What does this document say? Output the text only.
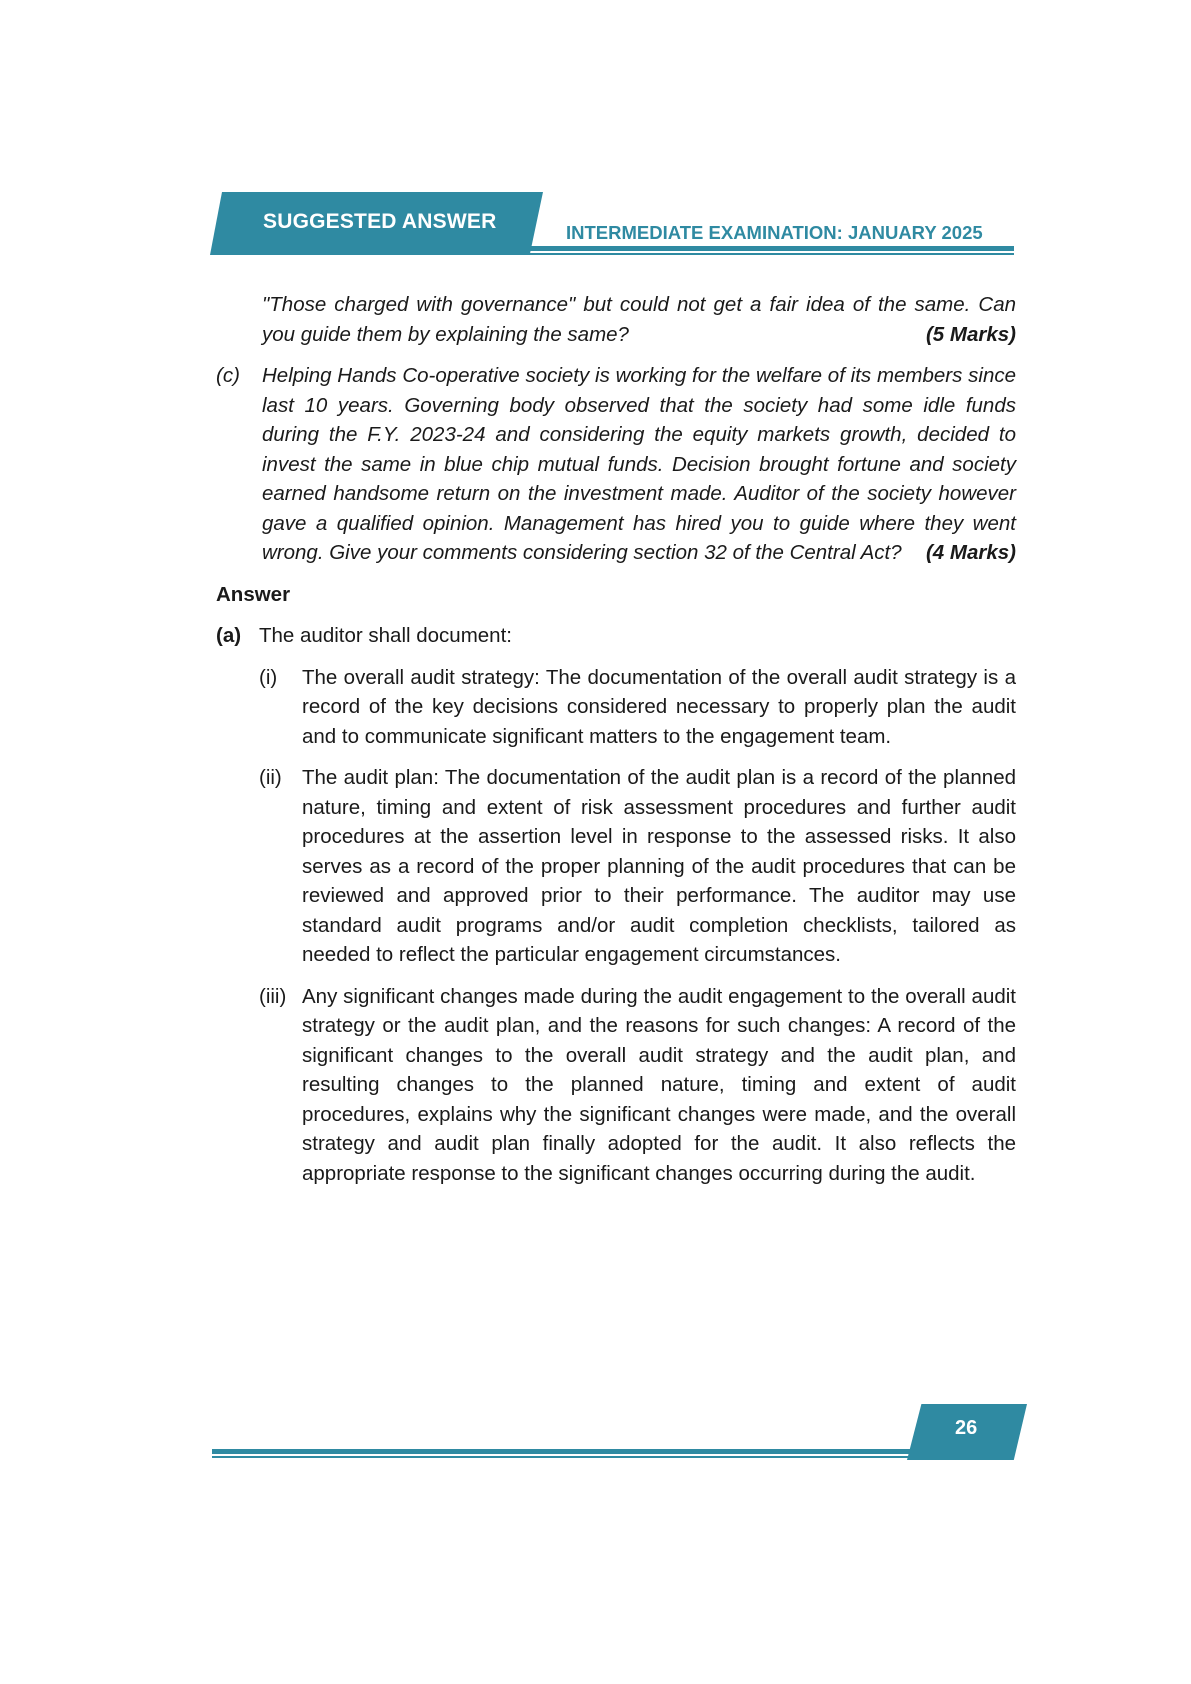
SUGGESTED ANSWER	INTERMEDIATE EXAMINATION: JANUARY 2025

"Those charged with governance" but could not get a fair idea of the same. Can you guide them by explaining the same?	(5 Marks)

(c)	Helping Hands Co-operative society is working for the welfare of its members since last 10 years. Governing body observed that the society had some idle funds during the F.Y. 2023-24 and considering the equity markets growth, decided to invest the same in blue chip mutual funds. Decision brought fortune and society earned handsome return on the investment made. Auditor of the society however gave a qualified opinion. Management has hired you to guide where they went wrong. Give your comments considering section 32 of the Central Act? (4 Marks)
Answer
(a) The auditor shall document:
(i)	The overall audit strategy: The documentation of the overall audit strategy is a record of the key decisions considered necessary to properly plan the audit and to communicate significant matters to the engagement team.
(ii) The audit plan: The documentation of the audit plan is a record of the planned nature, timing and extent of risk assessment procedures and further audit procedures at the assertion level in response to the assessed risks. It also serves as a record of the proper planning of the audit procedures that can be reviewed and approved prior to their performance. The auditor may use standard audit programs and/or audit completion checklists, tailored as needed to reflect the particular engagement circumstances.
(iii) Any significant changes made during the audit engagement to the overall audit strategy or the audit plan, and the reasons for such changes: A record of the significant changes to the overall audit strategy and the audit plan, and resulting changes to the planned nature, timing and extent of audit procedures, explains why the significant changes were made, and the overall strategy and audit plan finally adopted for the audit. It also reflects the appropriate response to the significant changes occurring during the audit.
26
